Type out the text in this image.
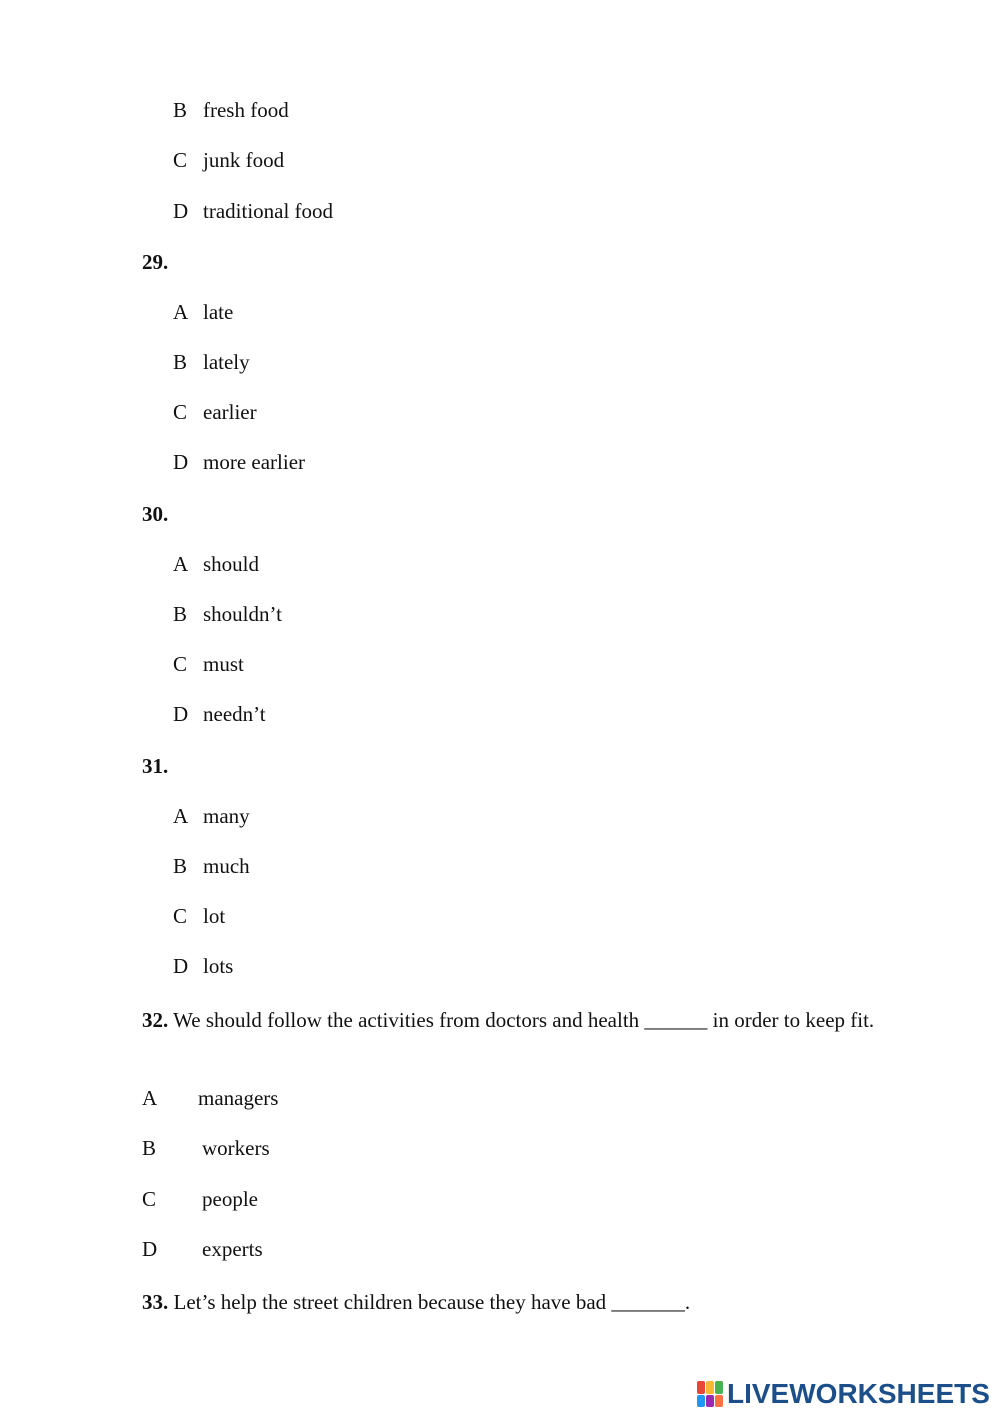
B fresh food
C junk food
D traditional food
29.
A late
B lately
C earlier
D more earlier
30.
A should
B shouldn’t
C must
D needn’t
31.
A many
B much
C lot
D lots
32. We should follow the activities from doctors and health ______ in order to keep fit.
A managers
B workers
C people
D experts
33. Let’s help the street children because they have bad _______.
LIVEWORKSHEETS
